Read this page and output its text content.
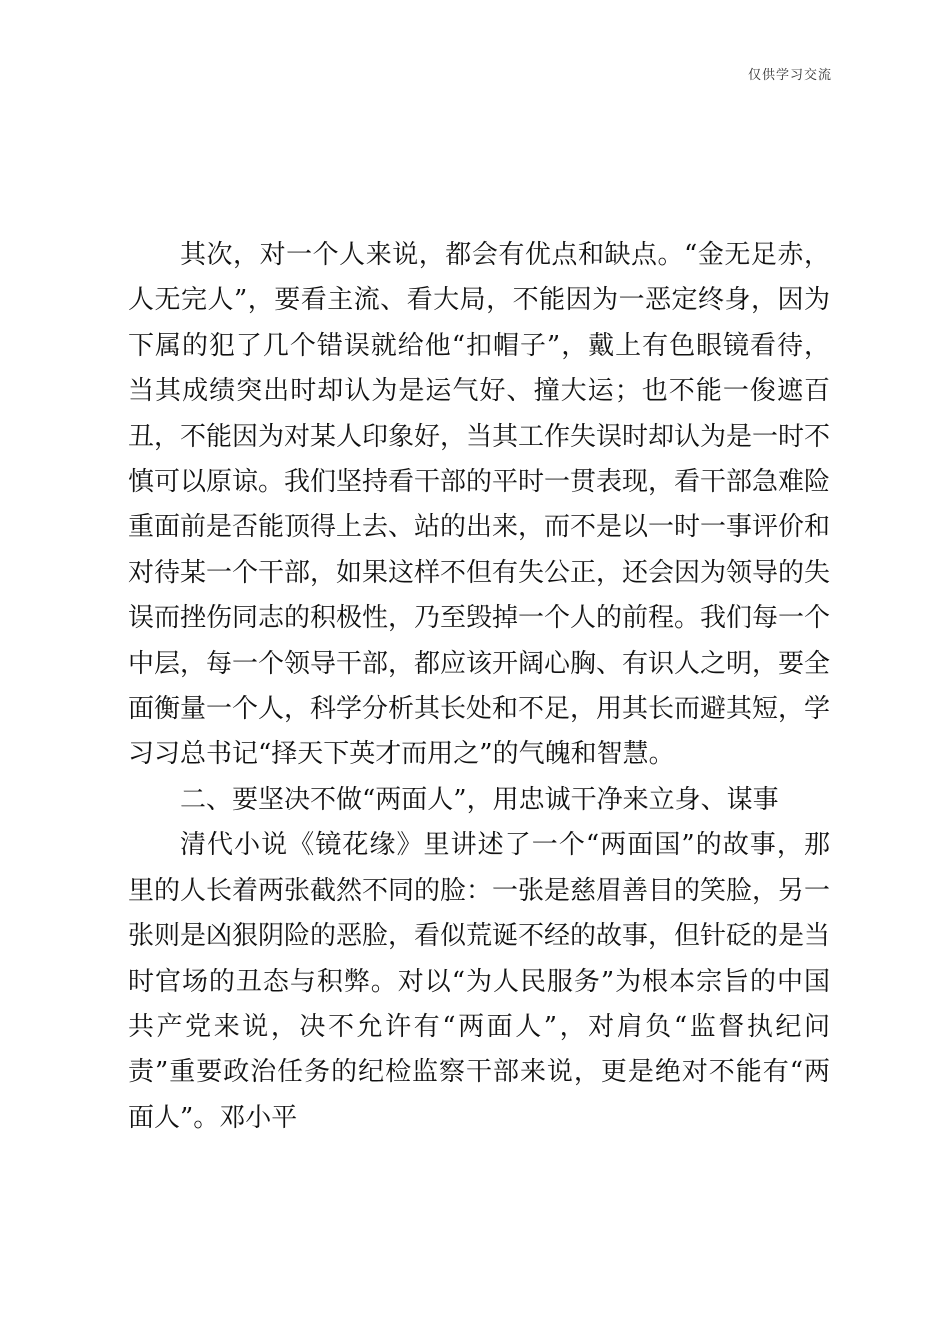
仅供学习交流

其次，对一个人来说，都会有优点和缺点。“金无足赤，人无完人”，要看主流、看大局，不能因为一恶定终身，因为下属的犯了几个错误就给他“扣帽子”，戴上有色眼镜看待，当其成绩突出时却认为是运气好、撞大运；也不能一俊遮百丑，不能因为对某人印象好，当其工作失误时却认为是一时不慎可以原谅。我们坚持看干部的平时一贯表现，看干部急难险重面前是否能顶得上去、站的出来，而不是以一时一事评价和对待某一个干部，如果这样不但有失公正，还会因为领导的失误而挫伤同志的积极性，乃至毁掉一个人的前程。我们每一个中层，每一个领导干部，都应该开阔心胸、有识人之明，要全面衡量一个人，科学分析其长处和不足，用其长而避其短，学习习总书记“择天下英才而用之”的气魄和智慧。

二、要坚决不做“两面人”，用忠诚干净来立身、谋事

清代小说《镜花缘》里讲述了一个“两面国”的故事，那里的人长着两张截然不同的脸：一张是慈眉善目的笑脸，另一张则是凶狠阴险的恶脸，看似荒诞不经的故事，但针砭的是当时官场的丑态与积弊。对以“为人民服务”为根本宗旨的中国共产党来说，决不允许有“两面人”，对肩负“监督执纪问责”重要政治任务的纪检监察干部来说，更是绝对不能有“两面人”。邓小平
